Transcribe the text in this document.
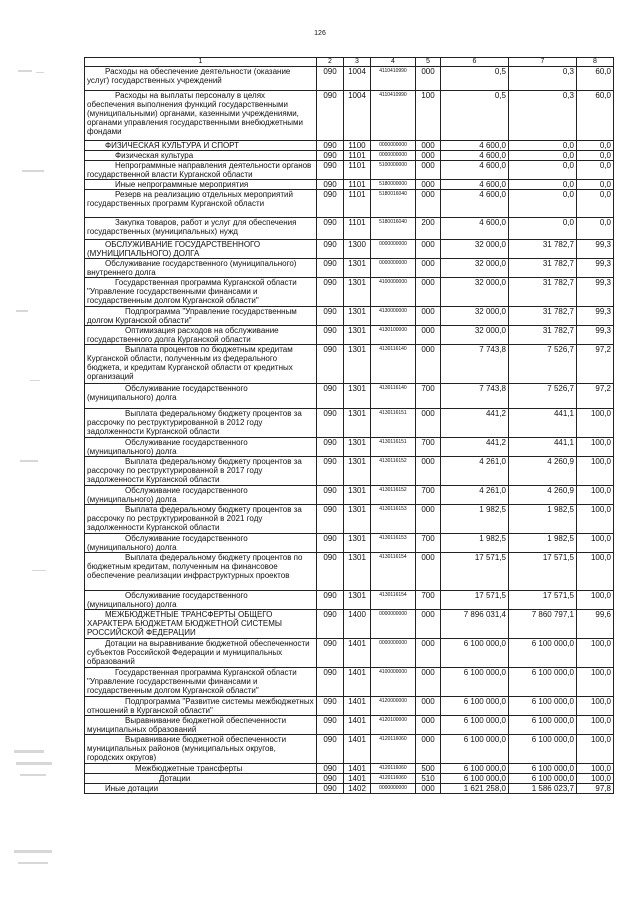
126
1	2	3	4	5	6	7	8
Расходы на обеспечение деятельности (оказание услуг) государственных учреждений	090	1004	4110410990	000	0,5	0,3	60,0
Расходы на выплаты персоналу в целях обеспечения выполнения функций государственными (муниципальными) органами, казенными учреждениями, органами управления государственными внебюджетными фондами	090	1004	4110410990	100	0,5	0,3	60,0
ФИЗИЧЕСКАЯ КУЛЬТУРА И СПОРТ	090	1100	0000000000	000	4 600,0	0,0	0,0
Физическая культура	090	1101	0000000000	000	4 600,0	0,0	0,0
Непрограммные направления деятельности органов государственной власти Курганской области	090	1101	5100000000	000	4 600,0	0,0	0,0
Иные непрограммные мероприятия	090	1101	5180000000	000	4 600,0	0,0	0,0
Резерв на реализацию отдельных мероприятий государственных программ Курганской области	090	1101	5180016040	000	4 600,0	0,0	0,0
Закупка товаров, работ и услуг для обеспечения государственных (муниципальных) нужд	090	1101	5180016040	200	4 600,0	0,0	0,0
ОБСЛУЖИВАНИЕ ГОСУДАРСТВЕННОГО (МУНИЦИПАЛЬНОГО) ДОЛГА	090	1300	0000000000	000	32 000,0	31 782,7	99,3
Обслуживание государственного (муниципального) внутреннего долга	090	1301	0000000000	000	32 000,0	31 782,7	99,3
Государственная программа Курганской области "Управление государственными финансами и государственным долгом Курганской области"	090	1301	4100000000	000	32 000,0	31 782,7	99,3
Подпрограмма "Управление государственным долгом Курганской области"	090	1301	4130000000	000	32 000,0	31 782,7	99,3
Оптимизация расходов на обслуживание государственного долга Курганской области	090	1301	4130100000	000	32 000,0	31 782,7	99,3
Выплата процентов по бюджетным кредитам Курганской области, полученным из федерального бюджета, и кредитам Курганской области от кредитных организаций	090	1301	4130116140	000	7 743,8	7 526,7	97,2
Обслуживание государственного (муниципального) долга	090	1301	4130116140	700	7 743,8	7 526,7	97,2
Выплата федеральному бюджету процентов за рассрочку по реструктурированной в 2012 году задолженности Курганской области	090	1301	4130116151	000	441,2	441,1	100,0
Обслуживание государственного (муниципального) долга	090	1301	4130116151	700	441,2	441,1	100,0
Выплата федеральному бюджету процентов за рассрочку по реструктурированной в 2017 году задолженности Курганской области	090	1301	4130116152	000	4 261,0	4 260,9	100,0
Обслуживание государственного (муниципального) долга	090	1301	4130116152	700	4 261,0	4 260,9	100,0
Выплата федеральному бюджету процентов за рассрочку по реструктурированной в 2021 году задолженности Курганской области	090	1301	4130116153	000	1 982,5	1 982,5	100,0
Обслуживание государственного (муниципального) долга	090	1301	4130116153	700	1 982,5	1 982,5	100,0
Выплата федеральному бюджету процентов по бюджетным кредитам, полученным на финансовое обеспечение реализации инфраструктурных проектов	090	1301	4130116154	000	17 571,5	17 571,5	100,0
Обслуживание государственного (муниципального) долга	090	1301	4130116154	700	17 571,5	17 571,5	100,0
МЕЖБЮДЖЕТНЫЕ ТРАНСФЕРТЫ ОБЩЕГО ХАРАКТЕРА БЮДЖЕТАМ БЮДЖЕТНОЙ СИСТЕМЫ РОССИЙСКОЙ ФЕДЕРАЦИИ	090	1400	0000000000	000	7 896 031,4	7 860 797,1	99,6
Дотации на выравнивание бюджетной обеспеченности субъектов Российской Федерации и муниципальных образований	090	1401	0000000000	000	6 100 000,0	6 100 000,0	100,0
Государственная программа Курганской области "Управление государственными финансами и государственным долгом Курганской области"	090	1401	4100000000	000	6 100 000,0	6 100 000,0	100,0
Подпрограмма "Развитие системы межбюджетных отношений в Курганской области"	090	1401	4120000000	000	6 100 000,0	6 100 000,0	100,0
Выравнивание бюджетной обеспеченности муниципальных образований	090	1401	4120100000	000	6 100 000,0	6 100 000,0	100,0
Выравнивание бюджетной обеспеченности муниципальных районов (муниципальных округов, городских округов)	090	1401	4120116060	000	6 100 000,0	6 100 000,0	100,0
Межбюджетные трансферты	090	1401	4120116060	500	6 100 000,0	6 100 000,0	100,0
Дотации	090	1401	4120116060	510	6 100 000,0	6 100 000,0	100,0
Иные дотации	090	1402	0000000000	000	1 621 258,0	1 586 023,7	97,8
